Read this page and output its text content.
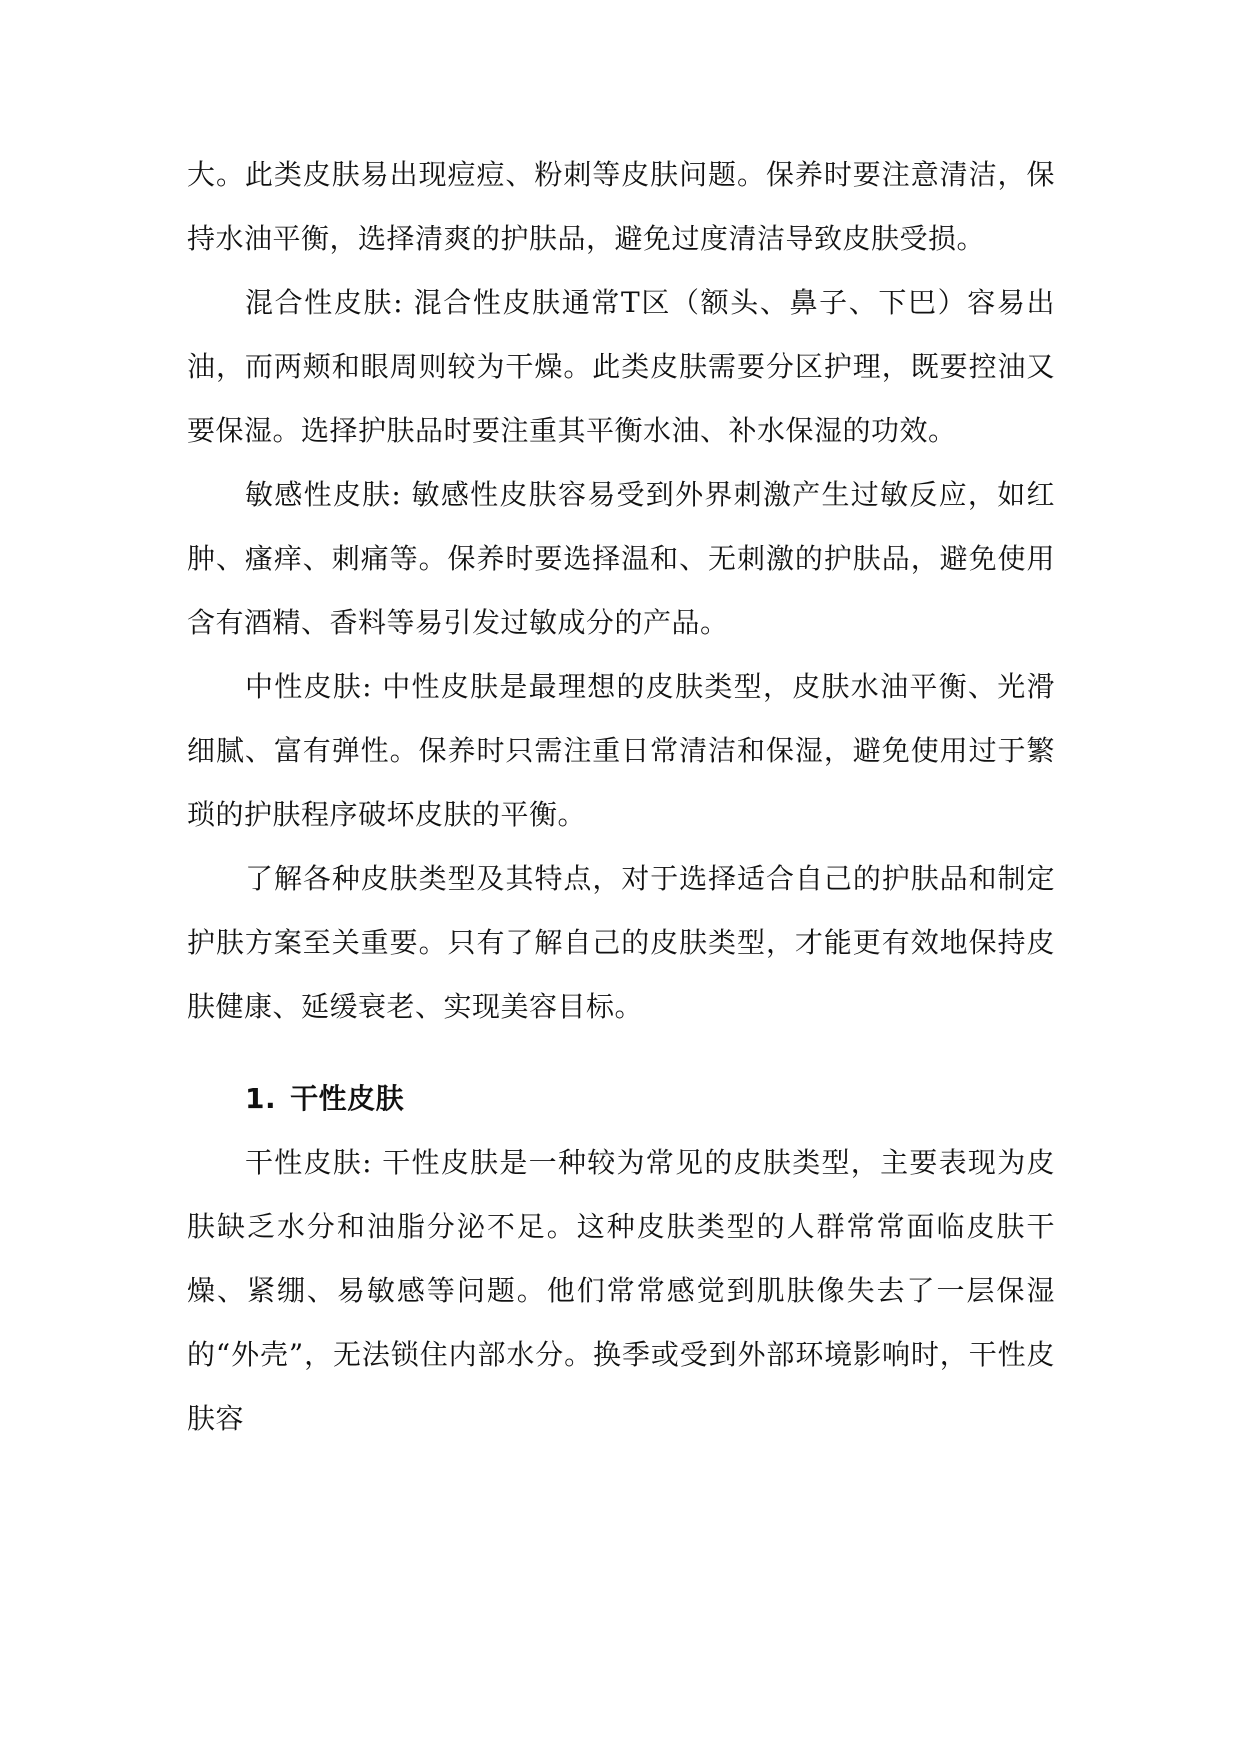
大。此类皮肤易出现痘痘、粉刺等皮肤问题。保养时要注意清洁，保持水油平衡，选择清爽的护肤品，避免过度清洁导致皮肤受损。

混合性皮肤: 混合性皮肤通常T区（额头、鼻子、下巴）容易出油，而两颊和眼周则较为干燥。此类皮肤需要分区护理，既要控油又要保湿。选择护肤品时要注重其平衡水油、补水保湿的功效。

敏感性皮肤: 敏感性皮肤容易受到外界刺激产生过敏反应，如红肿、瘙痒、刺痛等。保养时要选择温和、无刺激的护肤品，避免使用含有酒精、香料等易引发过敏成分的产品。

中性皮肤: 中性皮肤是最理想的皮肤类型，皮肤水油平衡、光滑细腻、富有弹性。保养时只需注重日常清洁和保湿，避免使用过于繁琐的护肤程序破坏皮肤的平衡。

了解各种皮肤类型及其特点，对于选择适合自己的护肤品和制定护肤方案至关重要。只有了解自己的皮肤类型，才能更有效地保持皮肤健康、延缓衰老、实现美容目标。

1. 干性皮肤

干性皮肤: 干性皮肤是一种较为常见的皮肤类型，主要表现为皮肤缺乏水分和油脂分泌不足。这种皮肤类型的人群常常面临皮肤干燥、紧绷、易敏感等问题。他们常常感觉到肌肤像失去了一层保湿的“外壳”，无法锁住内部水分。换季或受到外部环境影响时，干性皮肤容
